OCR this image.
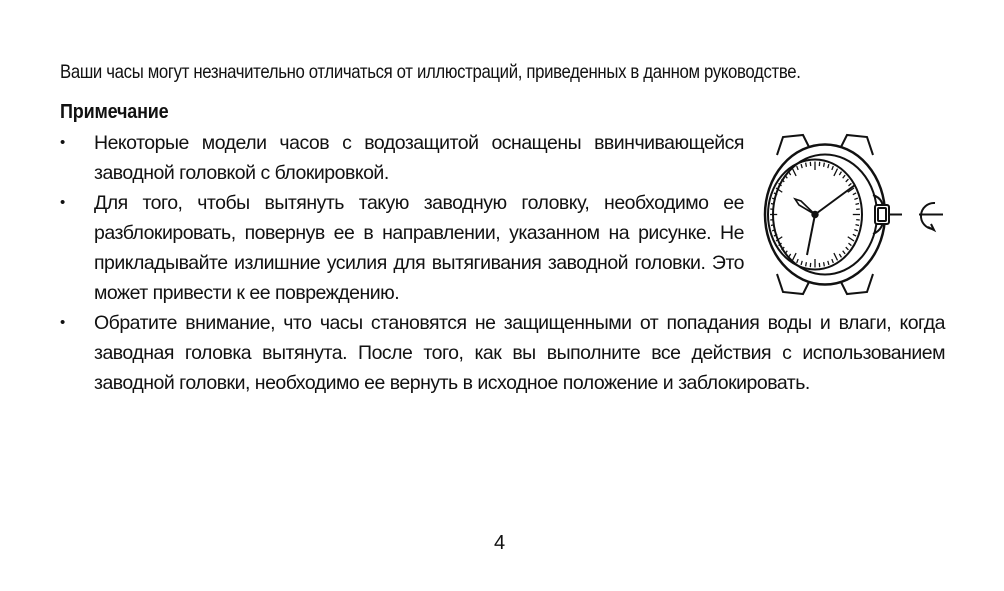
Ваши часы могут незначительно отличаться от иллюстраций, приведенных в данном руководстве.
Примечание
•	Некоторые модели часов с водозащитой оснащены ввинчивающейся заводной головкой с блокировкой.
•	Для того, чтобы вытянуть такую заводную головку, необходимо ее разблокировать, повернув ее в направлении, указанном на рисунке. Не прикладывайте излишние усилия для вытягивания заводной головки. Это может привести к ее повреждению.
•	Обратите внимание, что часы становятся не защищенными от попадания воды и влаги, когда заводная головка вытянута. После того, как вы выполните все действия с использованием заводной головки, необходимо ее вернуть в исходное положение и заблокировать.
4
